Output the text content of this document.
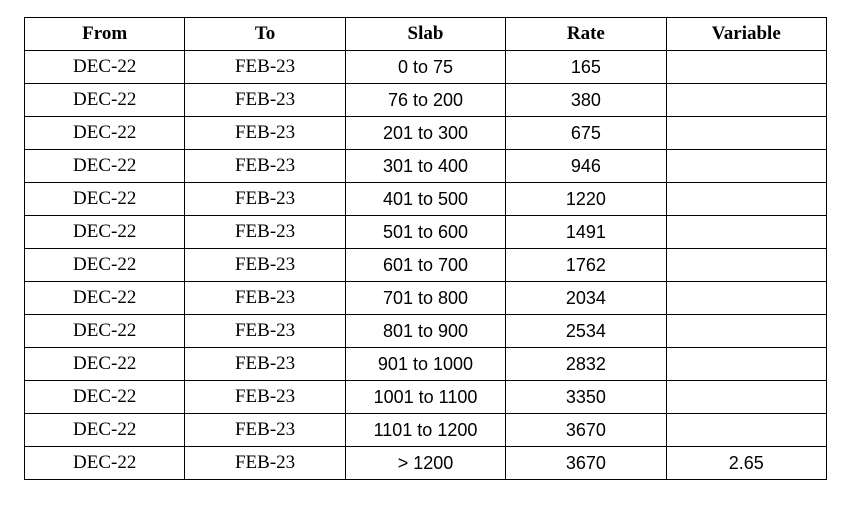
From	To	Slab	Rate	Variable
DEC-22	FEB-23	0 to 75	165	
DEC-22	FEB-23	76 to 200	380	
DEC-22	FEB-23	201 to 300	675	
DEC-22	FEB-23	301 to 400	946	
DEC-22	FEB-23	401 to 500	1220	
DEC-22	FEB-23	501 to 600	1491	
DEC-22	FEB-23	601 to 700	1762	
DEC-22	FEB-23	701 to 800	2034	
DEC-22	FEB-23	801 to 900	2534	
DEC-22	FEB-23	901 to 1000	2832	
DEC-22	FEB-23	1001 to 1100	3350	
DEC-22	FEB-23	1101 to 1200	3670	
DEC-22	FEB-23	> 1200	3670	2.65
